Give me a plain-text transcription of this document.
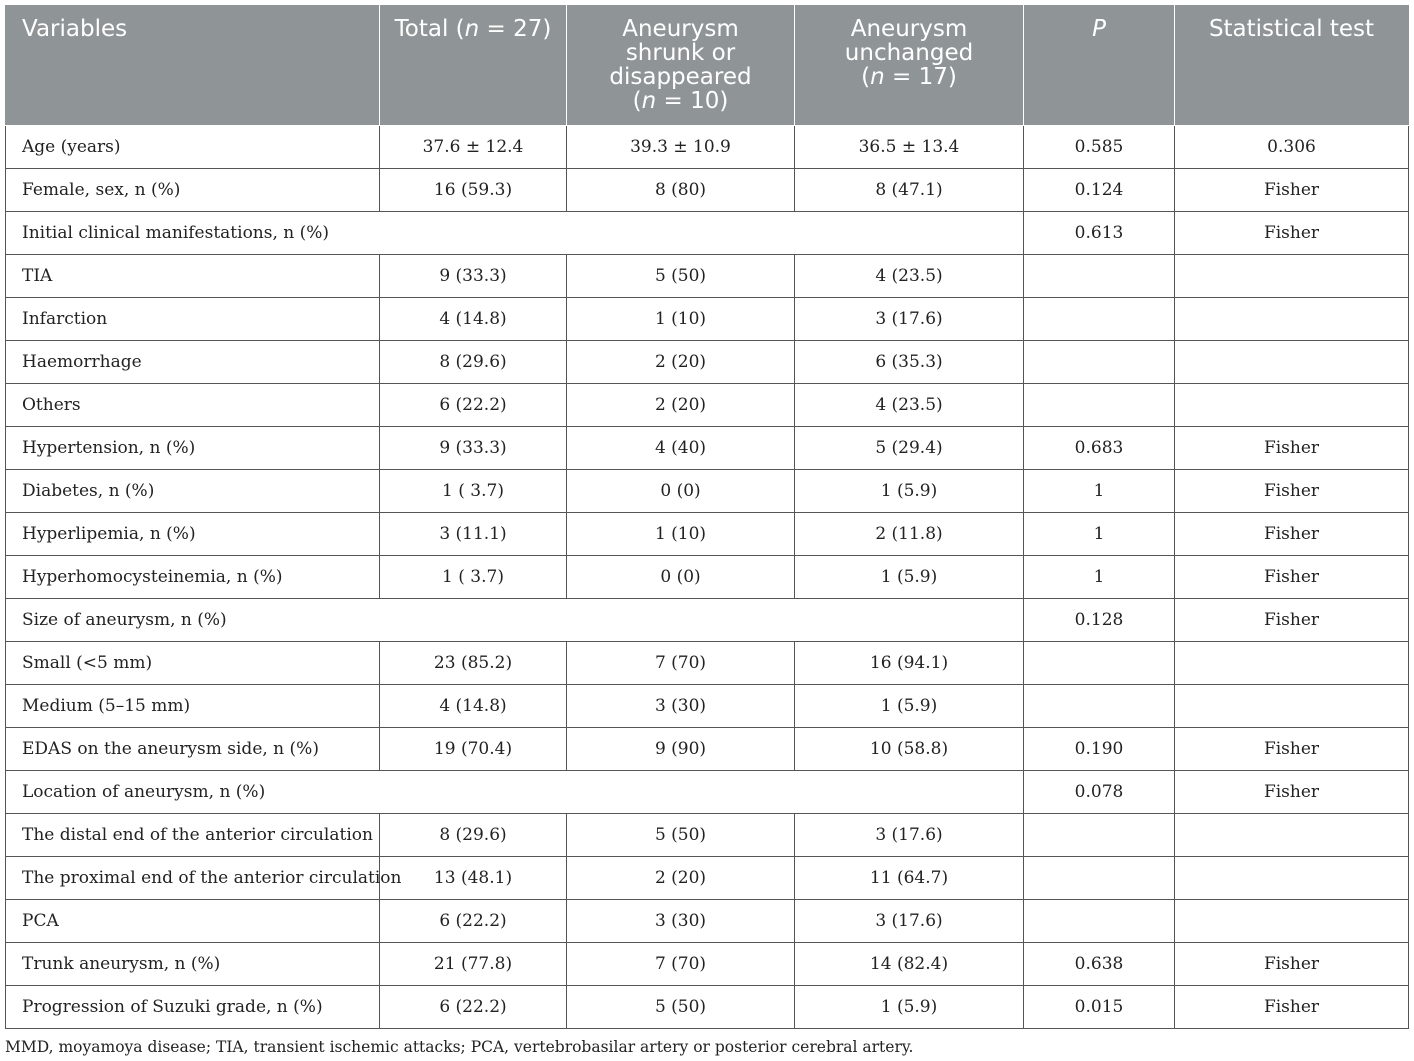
Variables	Total (n = 27)	Aneurysm
shrunk or
disappeared
(n = 10)	Aneurysm
unchanged
(n = 17)	P	Statistical test

Age (years)	37.6 ± 12.4	39.3 ± 10.9	36.5 ± 13.4	0.585	0.306
Female, sex, n (%)	16 (59.3)	8 (80)	8 (47.1)	0.124	Fisher
Initial clinical manifestations, n (%)				0.613	Fisher
TIA	9 (33.3)	5 (50)	4 (23.5)		
Infarction	4 (14.8)	1 (10)	3 (17.6)		
Haemorrhage	8 (29.6)	2 (20)	6 (35.3)		
Others	6 (22.2)	2 (20)	4 (23.5)		
Hypertension, n (%)	9 (33.3)	4 (40)	5 (29.4)	0.683	Fisher
Diabetes, n (%)	1 ( 3.7)	0 (0)	1 (5.9)	1	Fisher
Hyperlipemia, n (%)	3 (11.1)	1 (10)	2 (11.8)	1	Fisher
Hyperhomocysteinemia, n (%)	1 ( 3.7)	0 (0)	1 (5.9)	1	Fisher
Size of aneurysm, n (%)				0.128	Fisher
Small (<5 mm)	23 (85.2)	7 (70)	16 (94.1)		
Medium (5–15 mm)	4 (14.8)	3 (30)	1 (5.9)		
EDAS on the aneurysm side, n (%)	19 (70.4)	9 (90)	10 (58.8)	0.190	Fisher
Location of aneurysm, n (%)				0.078	Fisher
The distal end of the anterior circulation	8 (29.6)	5 (50)	3 (17.6)		
The proximal end of the anterior circulation	13 (48.1)	2 (20)	11 (64.7)		
PCA	6 (22.2)	3 (30)	3 (17.6)		
Trunk aneurysm, n (%)	21 (77.8)	7 (70)	14 (82.4)	0.638	Fisher
Progression of Suzuki grade, n (%)	6 (22.2)	5 (50)	1 (5.9)	0.015	Fisher
MMD, moyamoya disease; TIA, transient ischemic attacks; PCA, vertebrobasilar artery or posterior cerebral artery.
